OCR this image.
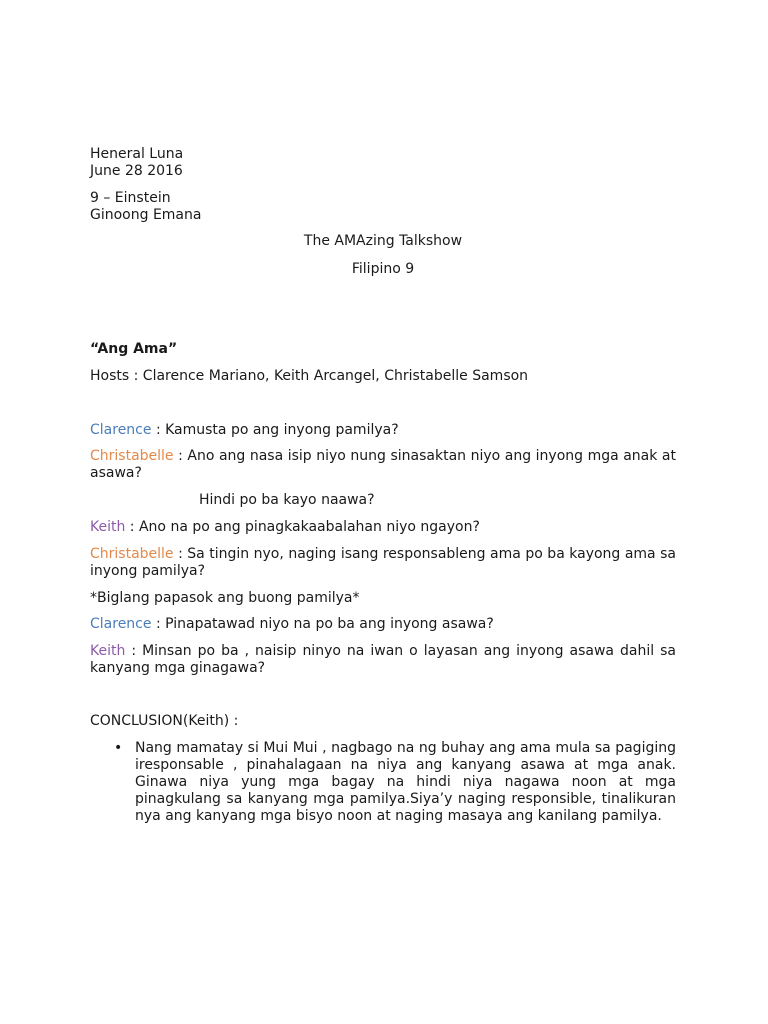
Heneral Luna

June 28 2016

9 – Einstein

Ginoong Emana

The AMAzing Talkshow

Filipino 9

“Ang Ama”

Hosts : Clarence Mariano, Keith Arcangel, Christabelle Samson

Clarence : Kamusta po ang inyong pamilya?

Christabelle : Ano ang nasa isip niyo nung sinasaktan niyo ang inyong mga anak at asawa?

Hindi po ba kayo naawa?

Keith : Ano na po ang pinagkakaabalahan niyo ngayon?

Christabelle : Sa tingin nyo, naging isang responsableng ama po ba kayong ama sa inyong pamilya?

*Biglang papasok ang buong pamilya*

Clarence : Pinapatawad niyo na po ba ang inyong asawa?

Keith : Minsan po ba , naisip ninyo na iwan o layasan ang inyong asawa dahil sa kanyang mga ginagawa?

CONCLUSION(Keith) :

• Nang mamatay si Mui Mui , nagbago na ng buhay ang ama mula sa pagiging iresponsable , pinahalagaan na niya ang kanyang asawa at mga anak. Ginawa niya yung mga bagay na hindi niya nagawa noon at mga pinagkulang sa kanyang mga pamilya.Siya’y naging responsible, tinalikuran nya ang kanyang mga bisyo noon at naging masaya ang kanilang pamilya.
